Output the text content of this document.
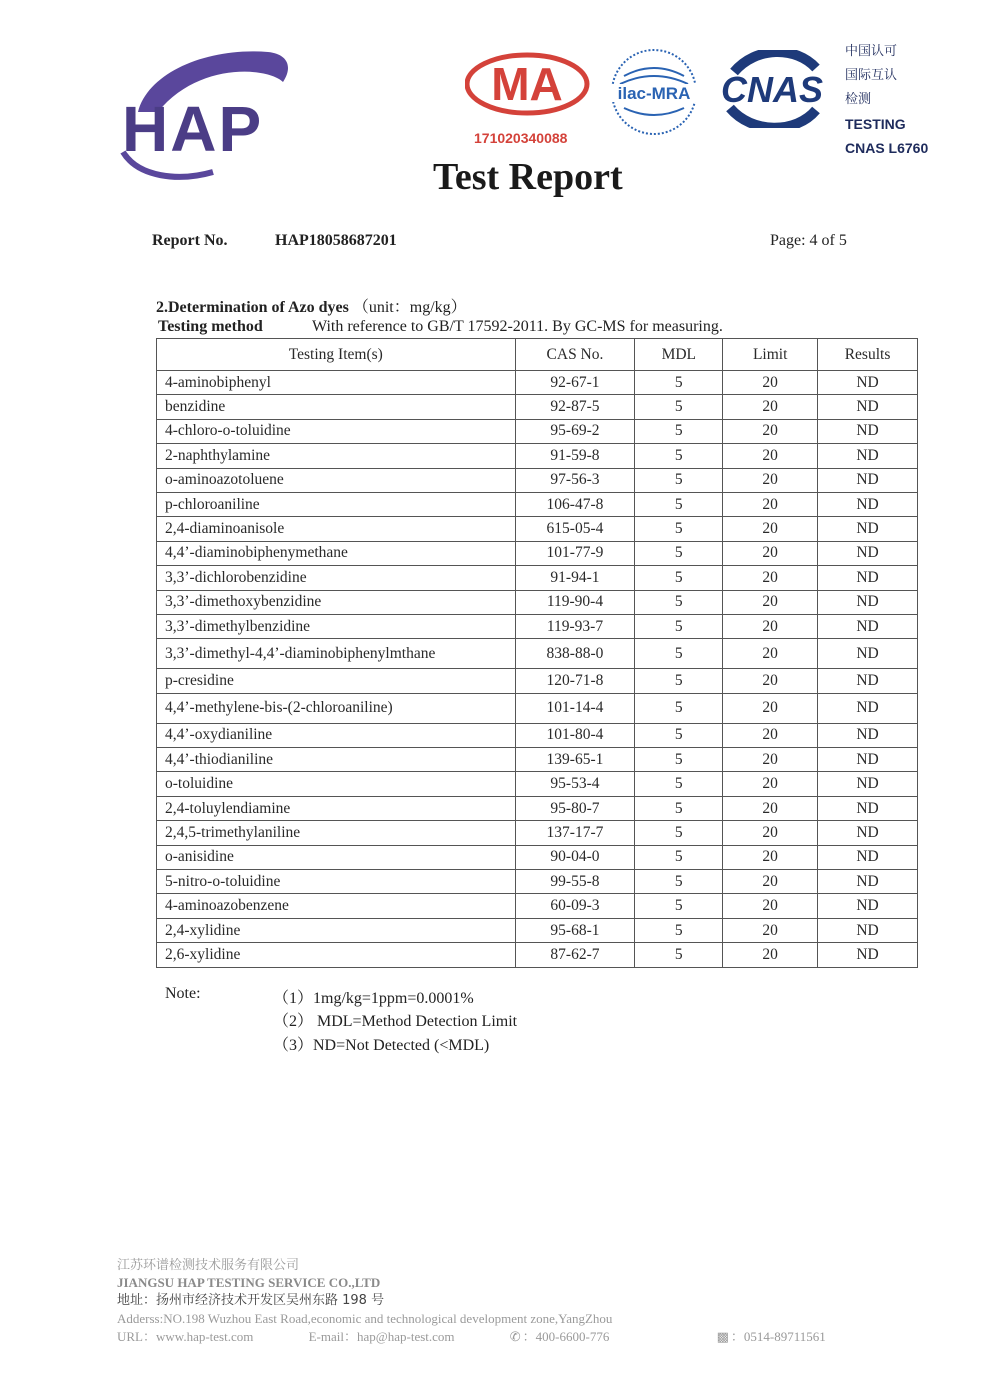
HAP
MA
171020340088
ilac-MRA CNAS
中国认可
国际互认
检测
TESTING
CNAS L6760
Test Report
Report No.	HAP18058687201	Page: 4 of 5
2.Determination of Azo dyes （unit：mg/kg）
Testing method	With reference to GB/T 17592-2011. By GC-MS for measuring.
Testing Item(s)	CAS No.	MDL	Limit	Results
4-aminobiphenyl	92-67-1	5	20	ND
benzidine	92-87-5	5	20	ND
4-chloro-o-toluidine	95-69-2	5	20	ND
2-naphthylamine	91-59-8	5	20	ND
o-aminoazotoluene	97-56-3	5	20	ND
p-chloroaniline	106-47-8	5	20	ND
2,4-diaminoanisole	615-05-4	5	20	ND
4,4’-diaminobiphenymethane	101-77-9	5	20	ND
3,3’-dichlorobenzidine	91-94-1	5	20	ND
3,3’-dimethoxybenzidine	119-90-4	5	20	ND
3,3’-dimethylbenzidine	119-93-7	5	20	ND
3,3’-dimethyl-4,4’-diaminobiphenylmthane	838-88-0	5	20	ND
p-cresidine	120-71-8	5	20	ND
4,4’-methylene-bis-(2-chloroaniline)	101-14-4	5	20	ND
4,4’-oxydianiline	101-80-4	5	20	ND
4,4’-thiodianiline	139-65-1	5	20	ND
o-toluidine	95-53-4	5	20	ND
2,4-toluylendiamine	95-80-7	5	20	ND
2,4,5-trimethylaniline	137-17-7	5	20	ND
o-anisidine	90-04-0	5	20	ND
5-nitro-o-toluidine	99-55-8	5	20	ND
4-aminoazobenzene	60-09-3	5	20	ND
2,4-xylidine	95-68-1	5	20	ND
2,6-xylidine	87-62-7	5	20	ND
Note:	（1）1mg/kg=1ppm=0.0001%
（2） MDL=Method Detection Limit
（3）ND=Not Detected (<MDL)
江苏环谱检测技术服务有限公司
JIANGSU HAP TESTING SERVICE CO.,LTD
地址：扬州市经济技术开发区吴州东路 198 号
Adderss:NO.198 Wuzhou East Road,economic and technological development zone,YangZhou
URL：www.hap-test.com	E-mail：hap@hap-test.com	✆ ：400-6600-776	▩ ：0514-89711561
